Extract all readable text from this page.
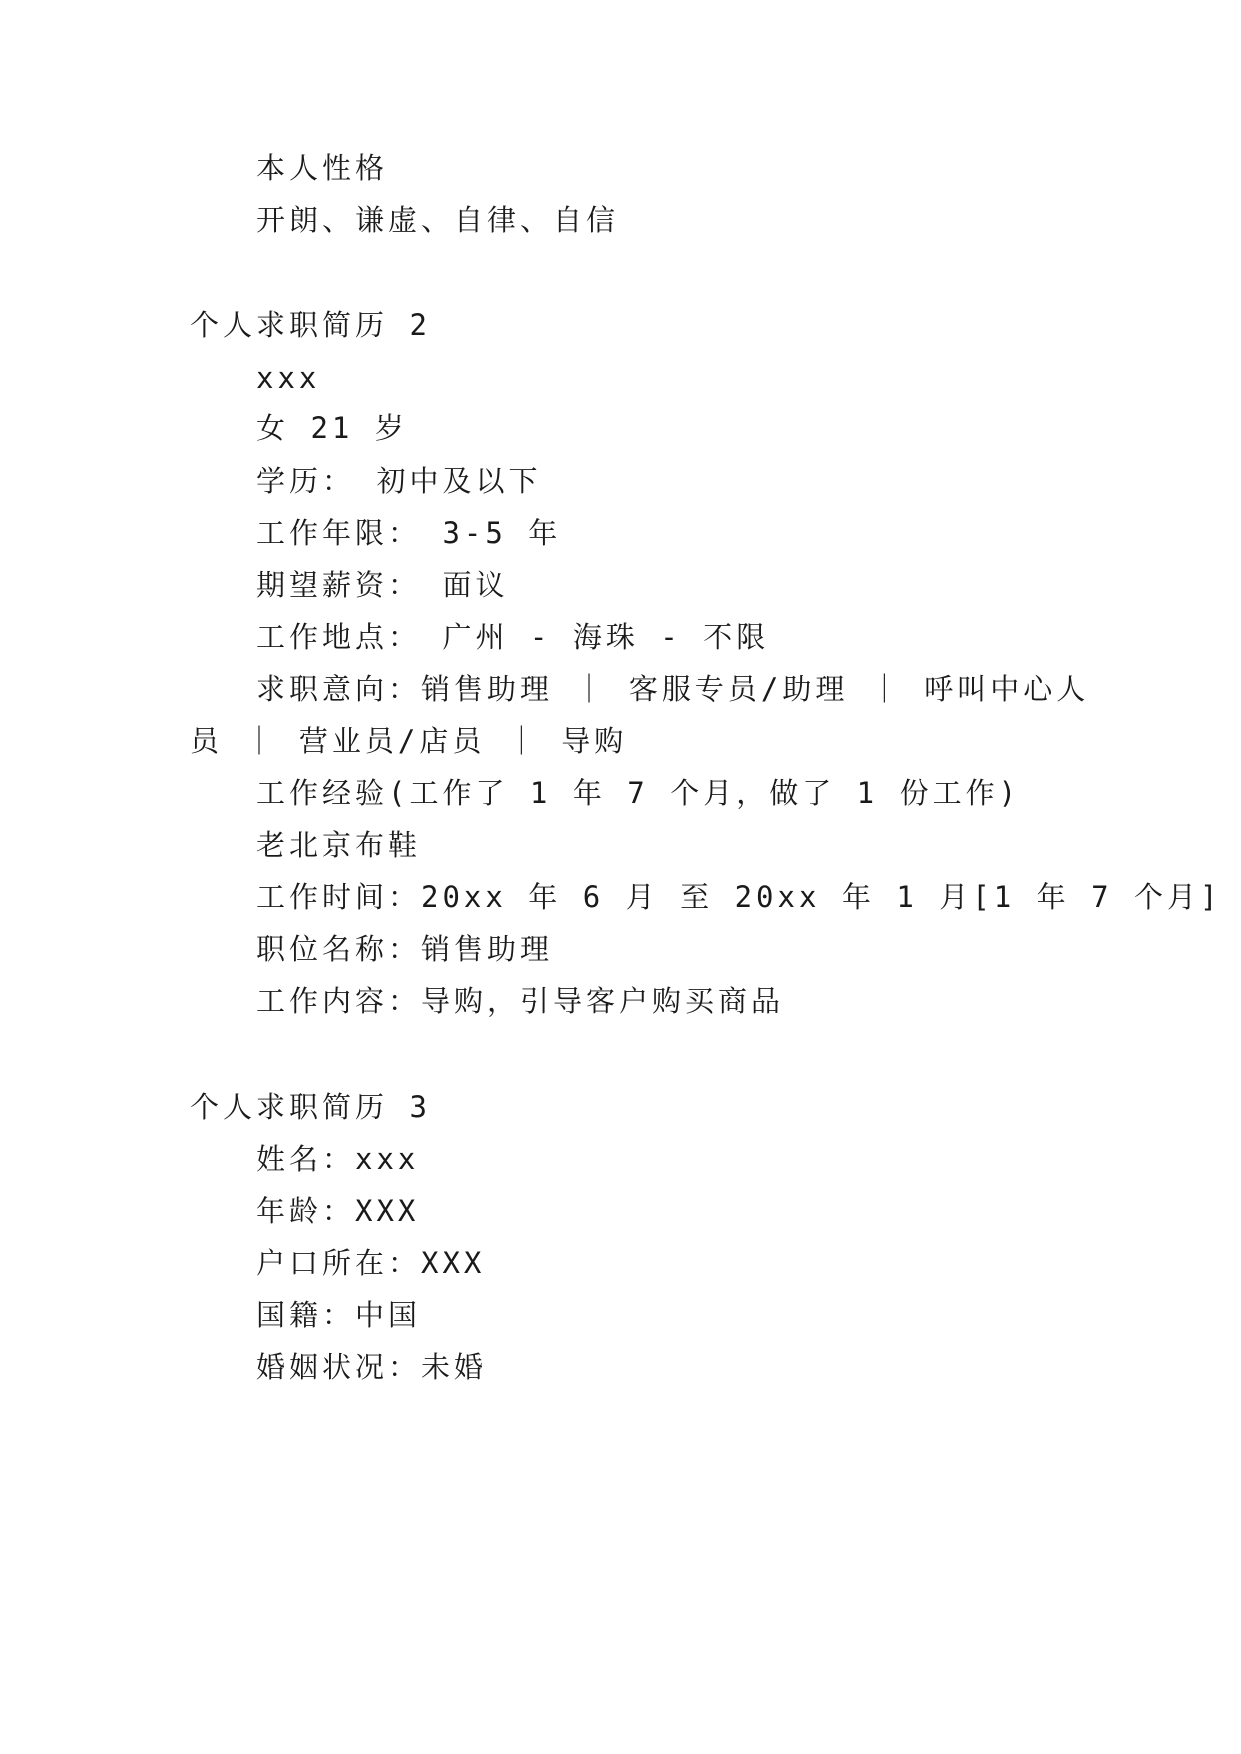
本人性格
开朗、谦虚、自律、自信
个人求职简历 2
xxx
女 21 岁
学历： 初中及以下
工作年限： 3-5 年
期望薪资： 面议
工作地点： 广州 - 海珠 - 不限
求职意向：销售助理 ｜ 客服专员/助理 ｜ 呼叫中心人
员 ｜ 营业员/店员 ｜ 导购
工作经验(工作了 1 年 7 个月，做了 1 份工作)
老北京布鞋
工作时间：20xx 年 6 月 至 20xx 年 1 月[1 年 7 个月]
职位名称：销售助理
工作内容：导购，引导客户购买商品
个人求职简历 3
姓名：xxx
年龄：XXX
户口所在：XXX
国籍：中国
婚姻状况：未婚
